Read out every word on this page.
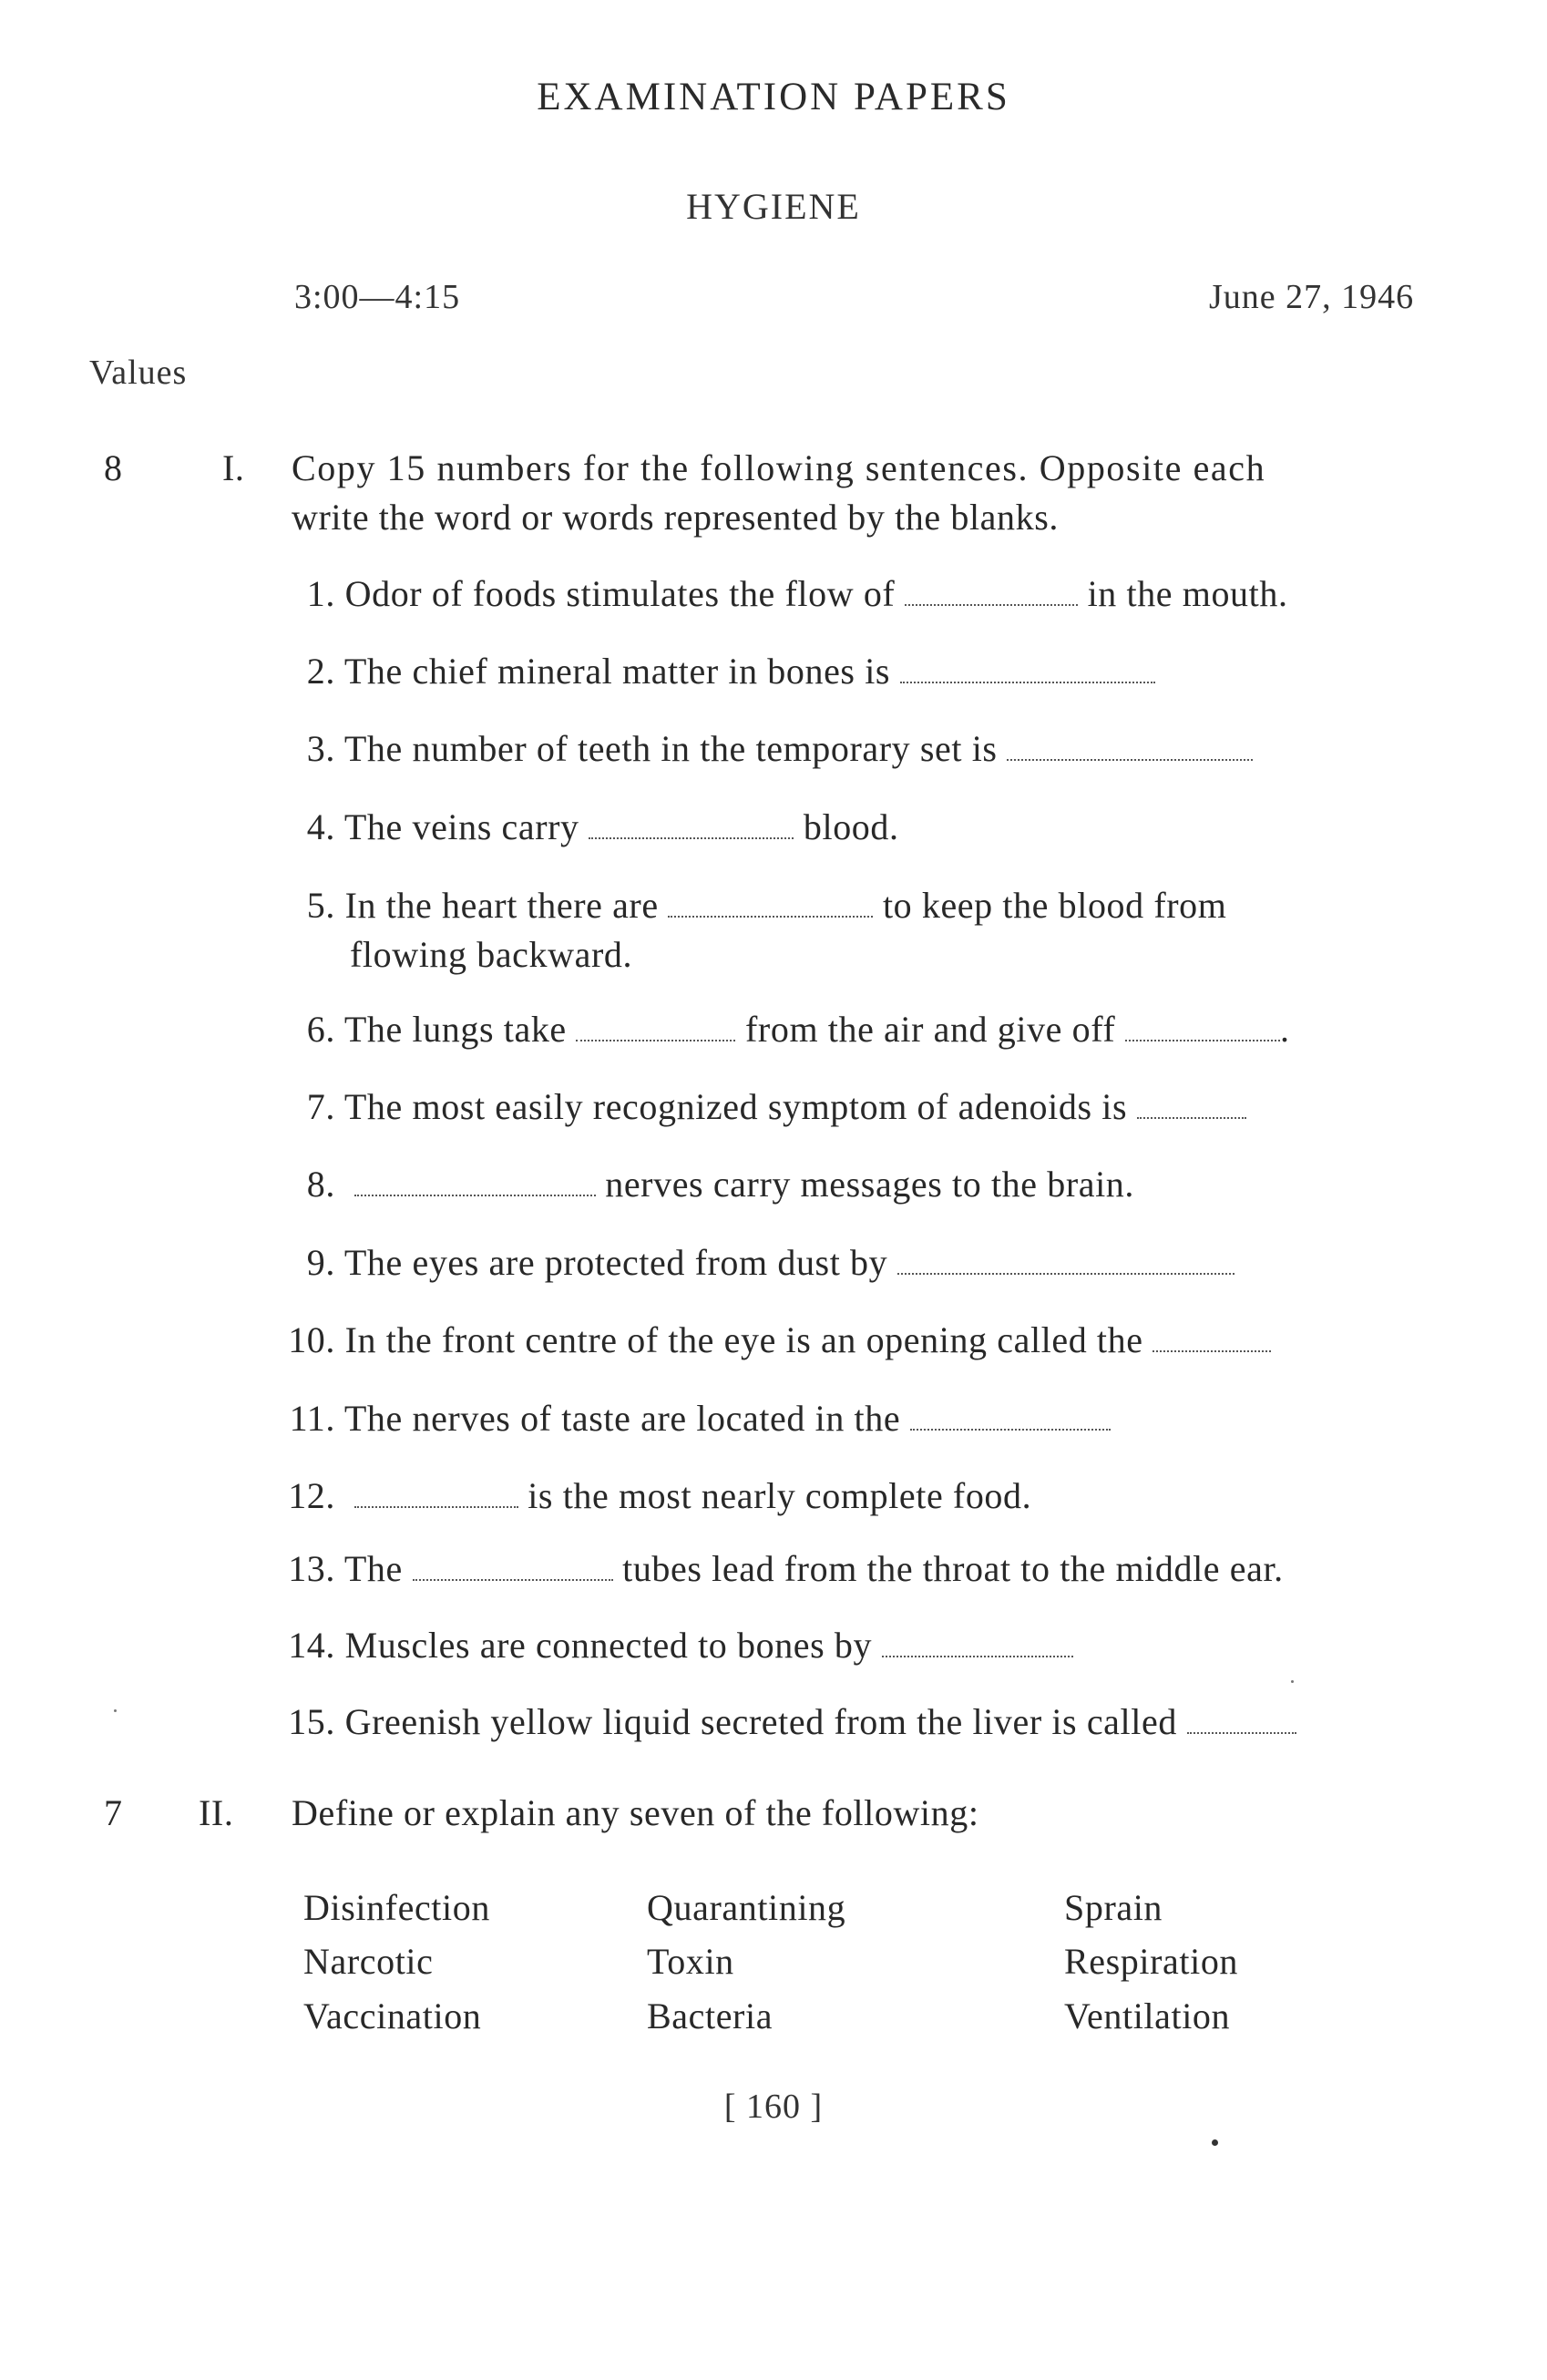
EXAMINATION PAPERS
HYGIENE
3:00—4:15	June 27, 1946
Values
8	I. Copy 15 numbers for the following sentences. Opposite each
write the word or words represented by the blanks.
1. Odor of foods stimulates the flow of	in the mouth.
2. The chief mineral matter in bones is
3. The number of teeth in the temporary set is
4. The veins carry	blood.
5. In the heart there are	to keep the blood from
flowing backward.
6. The lungs take	from the air and give off	.
7. The most easily recognized symptom of adenoids is
8.	nerves carry messages to the brain.
9. The eyes are protected from dust by
10. In the front centre of the eye is an opening called the
11. The nerves of taste are located in the
12.	is the most nearly complete food.
13. The	tubes lead from the throat to the middle ear.
14. Muscles are connected to bones by
15. Greenish yellow liquid secreted from the liver is called
7 II. Define or explain any seven of the following:
Disinfection	Quarantining	Sprain
Narcotic	Toxin	Respiration
Vaccination	Bacteria	Ventilation
[ 160 ]
